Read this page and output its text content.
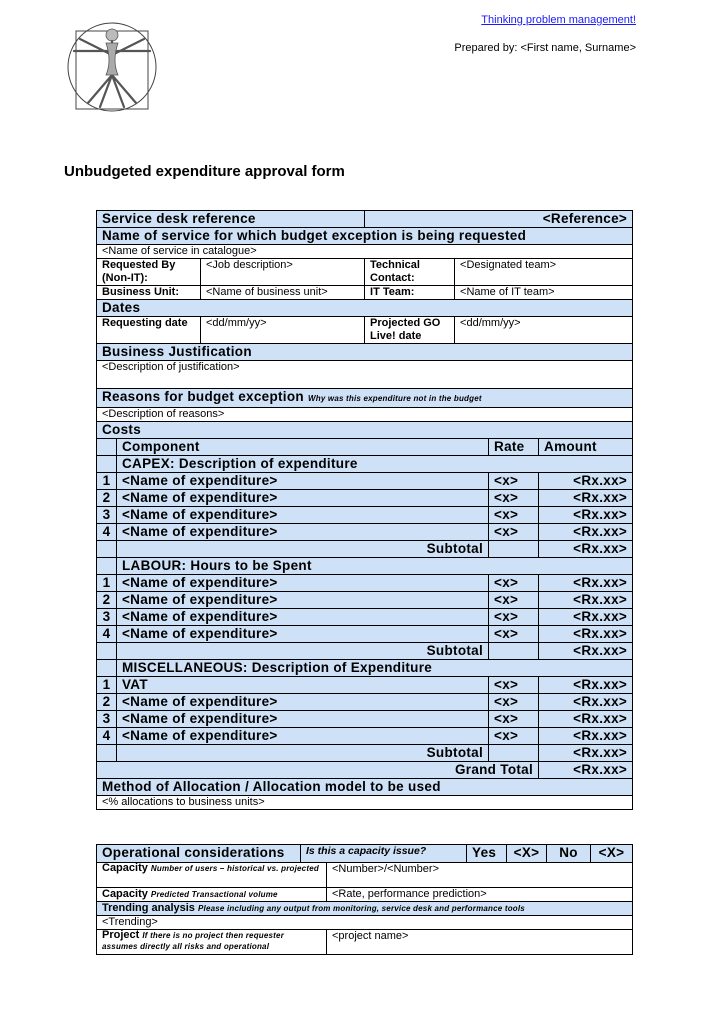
Thinking problem management!
Prepared by: <First name, Surname>
Unbudgeted expenditure approval form
Service desk reference			<Reference>			
Name of service for which budget exception is being requested						
<Name of service in catalogue>						
Requested By (Non-IT):		<Job description>	Technical Contact:	<Designated team>		
Business Unit:		<Name of business unit>	IT Team:	<Name of IT team>		
Dates						
Requesting date		<dd/mm/yy>	Projected GO Live! date	<dd/mm/yy>		
Business Justification						
<Description of justification>						
Reasons for budget exception Why was this expenditure not in the budget						
<Description of reasons>						
Costs						
	Component				Rate	Amount
	CAPEX: Description of expenditure					
1	<Name of expenditure>				<x>	<Rx.xx>
2	<Name of expenditure>				<x>	<Rx.xx>
3	<Name of expenditure>				<x>	<Rx.xx>
4	<Name of expenditure>				<x>	<Rx.xx>
	Subtotal					<Rx.xx>
	LABOUR: Hours to be Spent					
1	<Name of expenditure>				<x>	<Rx.xx>
2	<Name of expenditure>				<x>	<Rx.xx>
3	<Name of expenditure>				<x>	<Rx.xx>
4	<Name of expenditure>				<x>	<Rx.xx>
	Subtotal					<Rx.xx>
	MISCELLANEOUS: Description of Expenditure					
1	VAT				<x>	<Rx.xx>
2	<Name of expenditure>				<x>	<Rx.xx>
3	<Name of expenditure>				<x>	<Rx.xx>
4	<Name of expenditure>				<x>	<Rx.xx>
	Subtotal					<Rx.xx>
Grand Total						<Rx.xx>
Method of Allocation / Allocation model to be used						
<% allocations to business units>						
Operational considerations	Is this a capacity issue?		Yes	<X>	No	<X>
Capacity Number of users – historical vs. projected		<Number>/<Number>				
Capacity Predicted Transactional volume		<Rate, performance prediction>				
Trending analysis Please including any output from monitoring, service desk and performance tools						
<Trending>						
Project If there is no project then requester assumes directly all risks and operational		<project name>				
